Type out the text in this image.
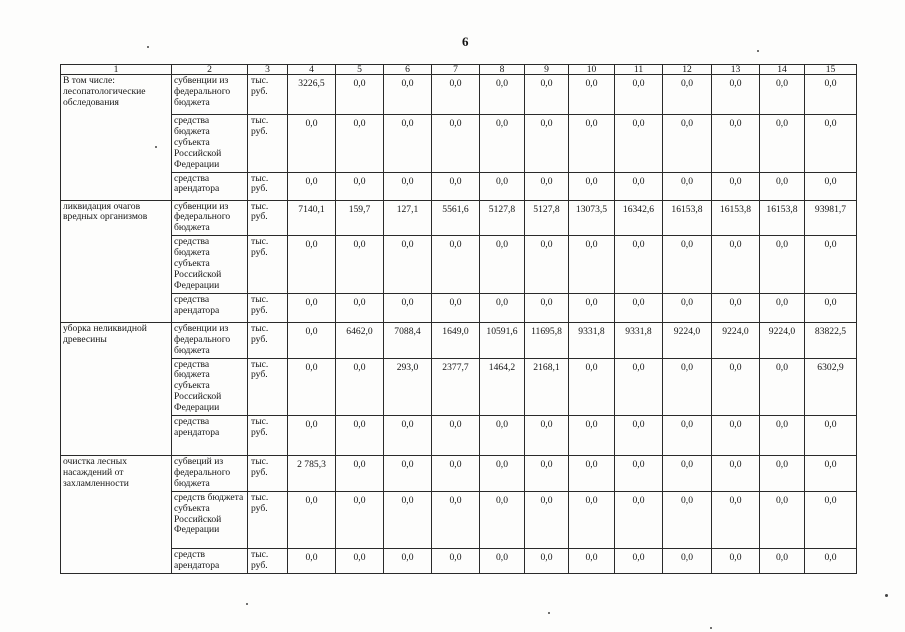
6
1	2	3	4	5	6	7	8	9	10	11	12	13	14	15
В том числе: лесопатологические обследования	субвенции из федерального бюджета	тыс. руб.	3226,5	0,0	0,0	0,0	0,0	0,0	0,0	0,0	0,0	0,0	0,0	0,0
	средства бюджета субъекта Российской Федерации	тыс. руб.	0,0	0,0	0,0	0,0	0,0	0,0	0,0	0,0	0,0	0,0	0,0	0,0
	средства арендатора	тыс. руб.	0,0	0,0	0,0	0,0	0,0	0,0	0,0	0,0	0,0	0,0	0,0	0,0
ликвидация очагов вредных организмов	субвенции из федерального бюджета	тыс. руб.	7140,1	159,7	127,1	5561,6	5127,8	5127,8	13073,5	16342,6	16153,8	16153,8	16153,8	93981,7
	средства бюджета субъекта Российской Федерации	тыс. руб.	0,0	0,0	0,0	0,0	0,0	0,0	0,0	0,0	0,0	0,0	0,0	0,0
	средства арендатора	тыс. руб.	0,0	0,0	0,0	0,0	0,0	0,0	0,0	0,0	0,0	0,0	0,0	0,0
уборка неликвидной древесины	субвенции из федерального бюджета	тыс. руб.	0,0	6462,0	7088,4	1649,0	10591,6	11695,8	9331,8	9331,8	9224,0	9224,0	9224,0	83822,5
	средства бюджета субъекта Российской Федерации	тыс. руб.	0,0	0,0	293,0	2377,7	1464,2	2168,1	0,0	0,0	0,0	0,0	0,0	6302,9
	средства арендатора	тыс. руб.	0,0	0,0	0,0	0,0	0,0	0,0	0,0	0,0	0,0	0,0	0,0	0,0
очистка лесных насаждений от захламленности	субвеций из федерального бюджета	тыс. руб.	2 785,3	0,0	0,0	0,0	0,0	0,0	0,0	0,0	0,0	0,0	0,0	0,0
	средств бюджета субъекта Российской Федерации	тыс. руб.	0,0	0,0	0,0	0,0	0,0	0,0	0,0	0,0	0,0	0,0	0,0	0,0
	средств арендатора	тыс. руб.	0,0	0,0	0,0	0,0	0,0	0,0	0,0	0,0	0,0	0,0	0,0	0,0
